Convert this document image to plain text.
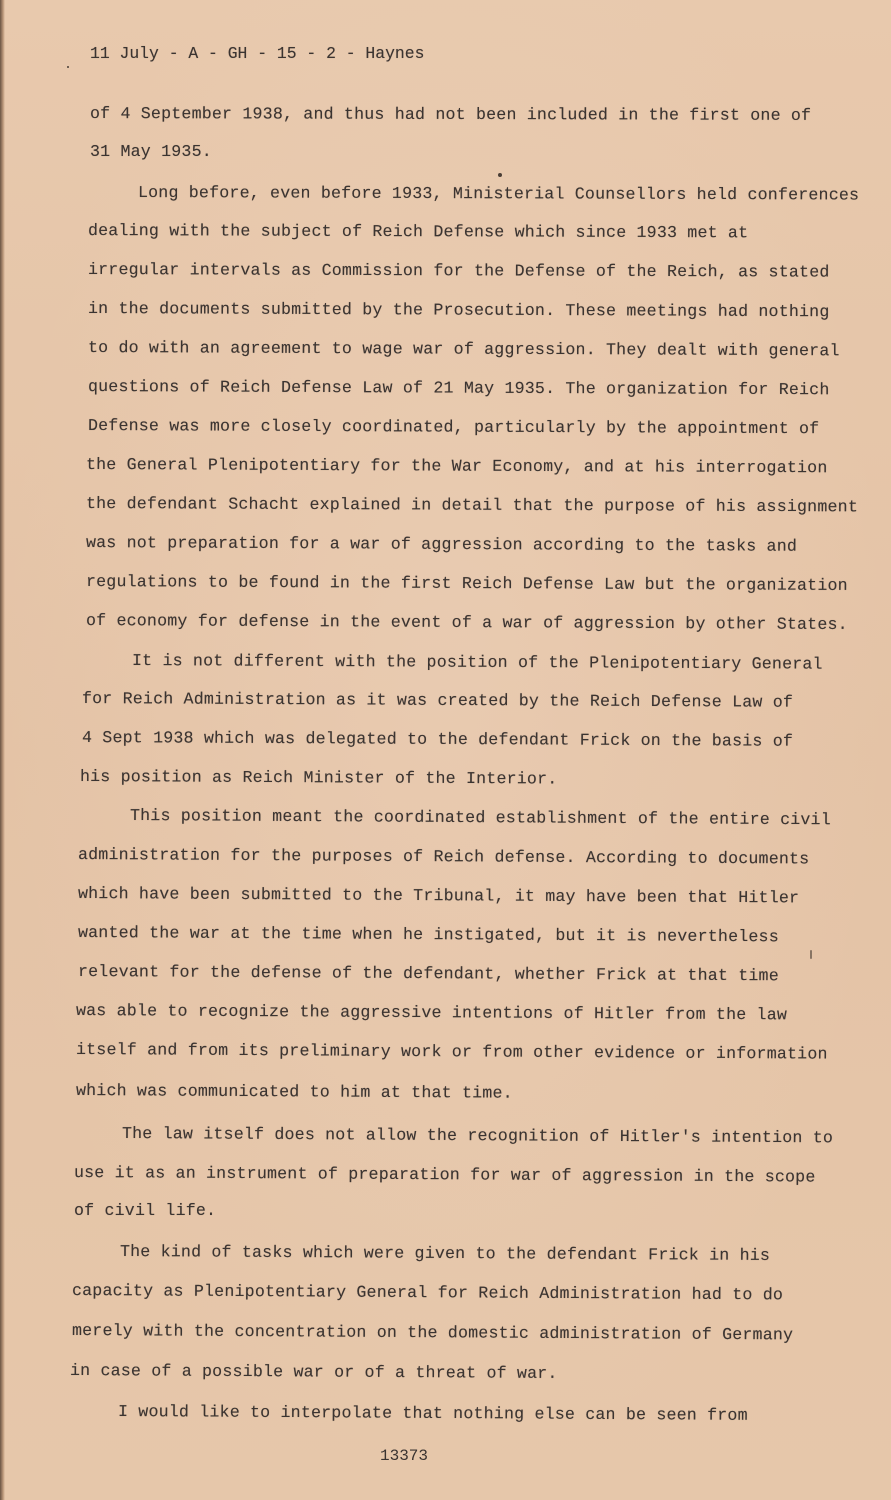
11 July - A - GH - 15 - 2 - Haynes

of 4 September 1938, and thus had not been included in the first one of

31 May 1935.

Long before, even before 1933, Ministerial Counsellors held conferences

dealing with the subject of Reich Defense which since 1933 met at

irregular intervals as Commission for the Defense of the Reich, as stated

in the documents submitted by the Prosecution. These meetings had nothing

to do with an agreement to wage war of aggression. They dealt with general

questions of Reich Defense Law of 21 May 1935. The organization for Reich

Defense was more closely coordinated, particularly by the appointment of

the General Plenipotentiary for the War Economy, and at his interrogation

the defendant Schacht explained in detail that the purpose of his assignment

was not preparation for a war of aggression according to the tasks and

regulations to be found in the first Reich Defense Law but the organization

of economy for defense in the event of a war of aggression by other States.

It is not different with the position of the Plenipotentiary General

for Reich Administration as it was created by the Reich Defense Law of

4 Sept 1938 which was delegated to the defendant Frick on the basis of

his position as Reich Minister of the Interior.

This position meant the coordinated establishment of the entire civil

administration for the purposes of Reich defense. According to documents

which have been submitted to the Tribunal, it may have been that Hitler

wanted the war at the time when he instigated, but it is nevertheless

relevant for the defense of the defendant, whether Frick at that time

was able to recognize the aggressive intentions of Hitler from the law

itself and from its preliminary work or from other evidence or information

which was communicated to him at that time.

The law itself does not allow the recognition of Hitler's intention to

use it as an instrument of preparation for war of aggression in the scope

of civil life.

The kind of tasks which were given to the defendant Frick in his

capacity as Plenipotentiary General for Reich Administration had to do

merely with the concentration on the domestic administration of Germany

in case of a possible war or of a threat of war.

I would like to interpolate that nothing else can be seen from

13373
